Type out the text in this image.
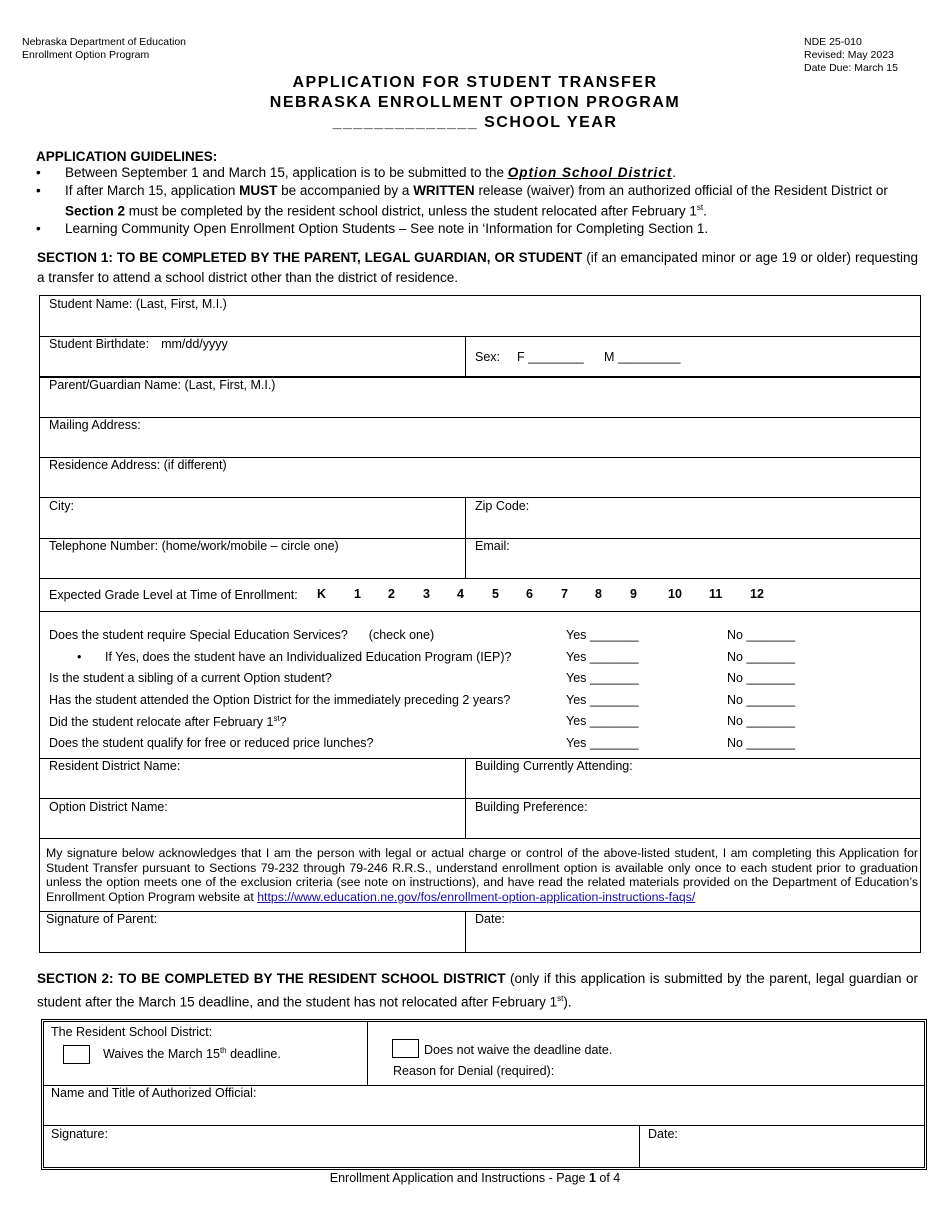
Nebraska Department of Education
Enrollment Option Program
NDE 25-010
Revised: May 2023
Date Due: March 15
APPLICATION FOR STUDENT TRANSFER
NEBRASKA ENROLLMENT OPTION PROGRAM
______________ SCHOOL YEAR
APPLICATION GUIDELINES:
• Between September 1 and March 15, application is to be submitted to the Option School District.
• If after March 15, application MUST be accompanied by a WRITTEN release (waiver) from an authorized official of the Resident District or Section 2 must be completed by the resident school district, unless the student relocated after February 1st.
• Learning Community Open Enrollment Option Students – See note in ‘Information for Completing Section 1.
SECTION 1: TO BE COMPLETED BY THE PARENT, LEGAL GUARDIAN, OR STUDENT (if an emancipated minor or age 19 or older) requesting a transfer to attend a school district other than the district of residence.
Student Name: (Last, First, M.I.)
Student Birthdate: mm/dd/yyyy
Sex: F ________ M _________
Parent/Guardian Name: (Last, First, M.I.)
Mailing Address:
Residence Address: (if different)
City:	Zip Code:
Telephone Number: (home/work/mobile – circle one)	Email:
Expected Grade Level at Time of Enrollment: K 1 2 3 4 5 6 7 8 9 10 11 12
Does the student require Special Education Services? (check one)	Yes _______	No _______
• If Yes, does the student have an Individualized Education Program (IEP)?	Yes _______	No _______
Is the student a sibling of a current Option student?	Yes _______	No _______
Has the student attended the Option District for the immediately preceding 2 years?	Yes _______	No _______
Did the student relocate after February 1st?	Yes _______	No _______
Does the student qualify for free or reduced price lunches?	Yes _______	No _______
Resident District Name:	Building Currently Attending:
Option District Name:	Building Preference:
My signature below acknowledges that I am the person with legal or actual charge or control of the above-listed student, I am completing this Application for Student Transfer pursuant to Sections 79-232 through 79-246 R.R.S., understand enrollment option is available only once to each student prior to graduation unless the option meets one of the exclusion criteria (see note on instructions), and have read the related materials provided on the Department of Education’s Enrollment Option Program website at https://www.education.ne.gov/fos/enrollment-option-application-instructions-faqs/
Signature of Parent:	Date:
SECTION 2: TO BE COMPLETED BY THE RESIDENT SCHOOL DISTRICT (only if this application is submitted by the parent, legal guardian or student after the March 15 deadline, and the student has not relocated after February 1st).
The Resident School District:
Waives the March 15th deadline.	Does not waive the deadline date.
Reason for Denial (required):
Name and Title of Authorized Official:
Signature:	Date:
Enrollment Application and Instructions - Page 1 of 4
